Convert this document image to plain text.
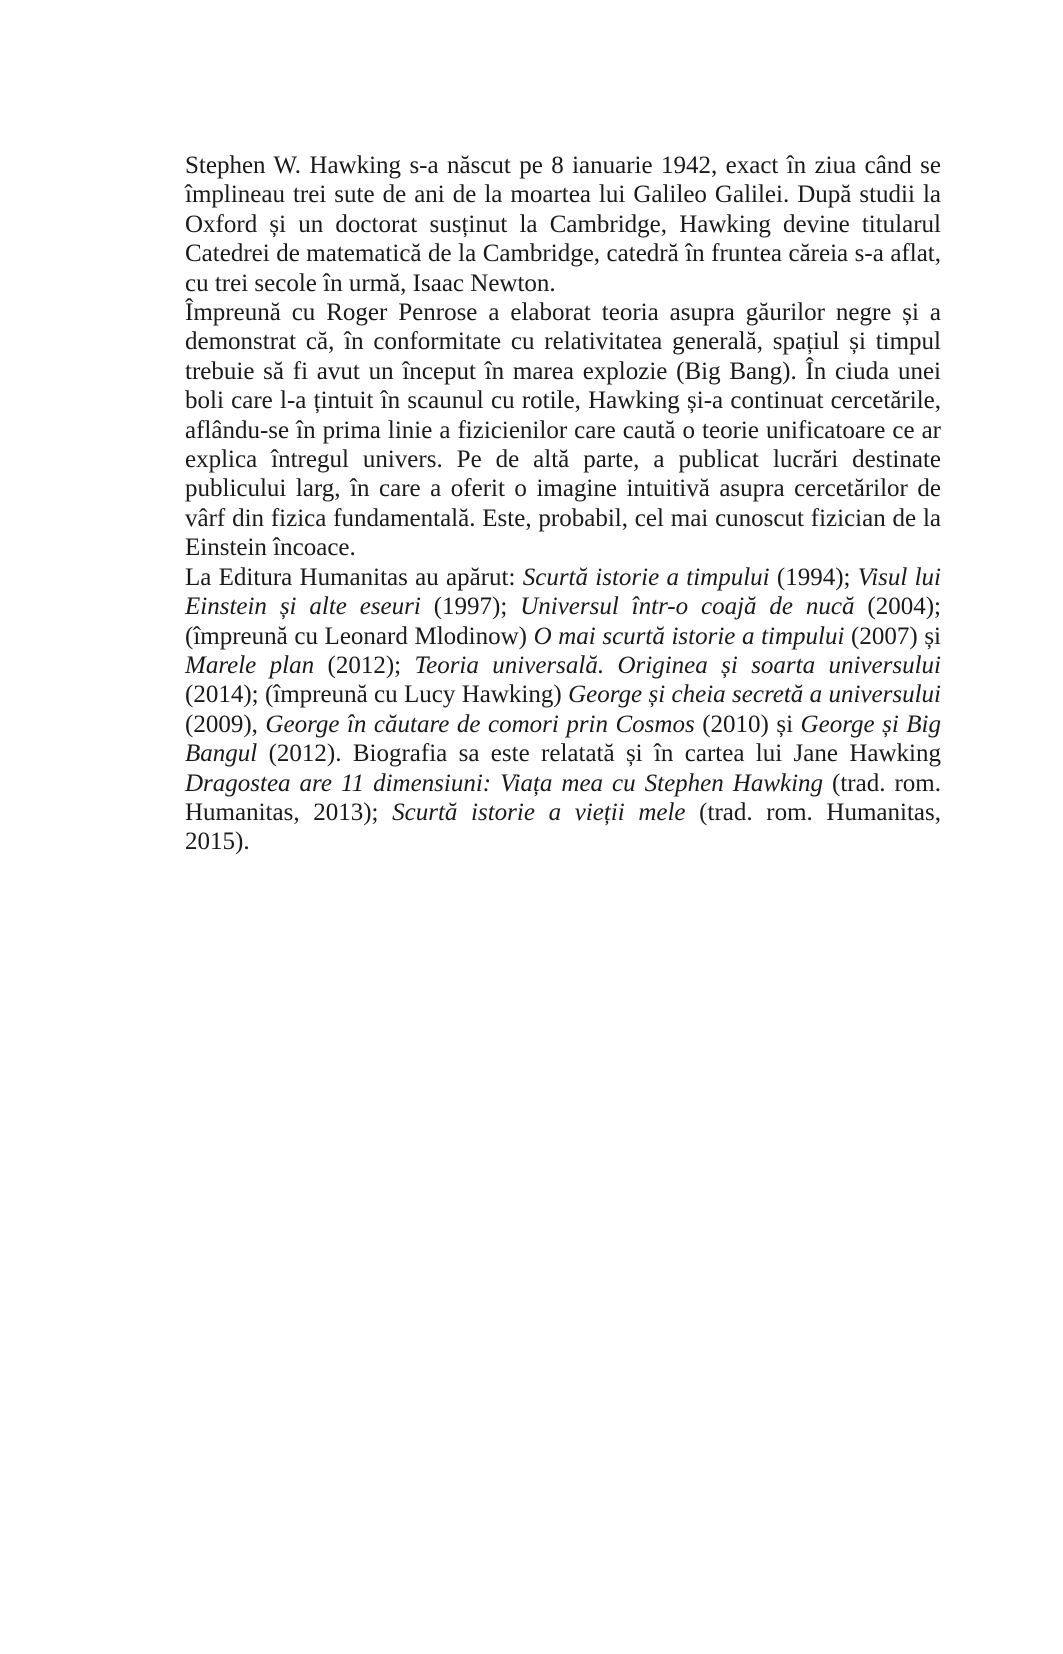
Stephen W. Hawking s-a născut pe 8 ianuarie 1942, exact în ziua când se împlineau trei sute de ani de la moartea lui Galileo Galilei. După studii la Oxford și un doctorat susținut la Cambridge, Hawking devine titularul Catedrei de matematică de la Cambridge, catedră în fruntea căreia s-a aflat, cu trei secole în urmă, Isaac Newton.

Împreună cu Roger Penrose a elaborat teoria asupra găurilor negre și a demonstrat că, în conformitate cu relativitatea generală, spațiul și timpul trebuie să fi avut un început în marea explozie (Big Bang). În ciuda unei boli care l-a țintuit în scaunul cu rotile, Hawking și-a continuat cercetările, aflându-se în prima linie a fizicienilor care caută o teorie unificatoare ce ar explica întregul univers. Pe de altă parte, a publicat lucrări destinate publicului larg, în care a oferit o imagine intuitivă asupra cercetărilor de vârf din fizica fundamentală. Este, probabil, cel mai cunoscut fizician de la Einstein încoace.

La Editura Humanitas au apărut: Scurtă istorie a timpului (1994); Visul lui Einstein și alte eseuri (1997); Universul într-o coajă de nucă (2004); (împreună cu Leonard Mlodinow) O mai scurtă istorie a timpului (2007) și Marele plan (2012); Teoria universală. Originea și soarta universului (2014); (împreună cu Lucy Hawking) George și cheia secretă a universului (2009), George în căutare de comori prin Cosmos (2010) și George și Big Bangul (2012). Biografia sa este relatată și în cartea lui Jane Hawking Dragostea are 11 dimensiuni: Viața mea cu Stephen Hawking (trad. rom. Humanitas, 2013); Scurtă istorie a vieții mele (trad. rom. Humanitas, 2015).
